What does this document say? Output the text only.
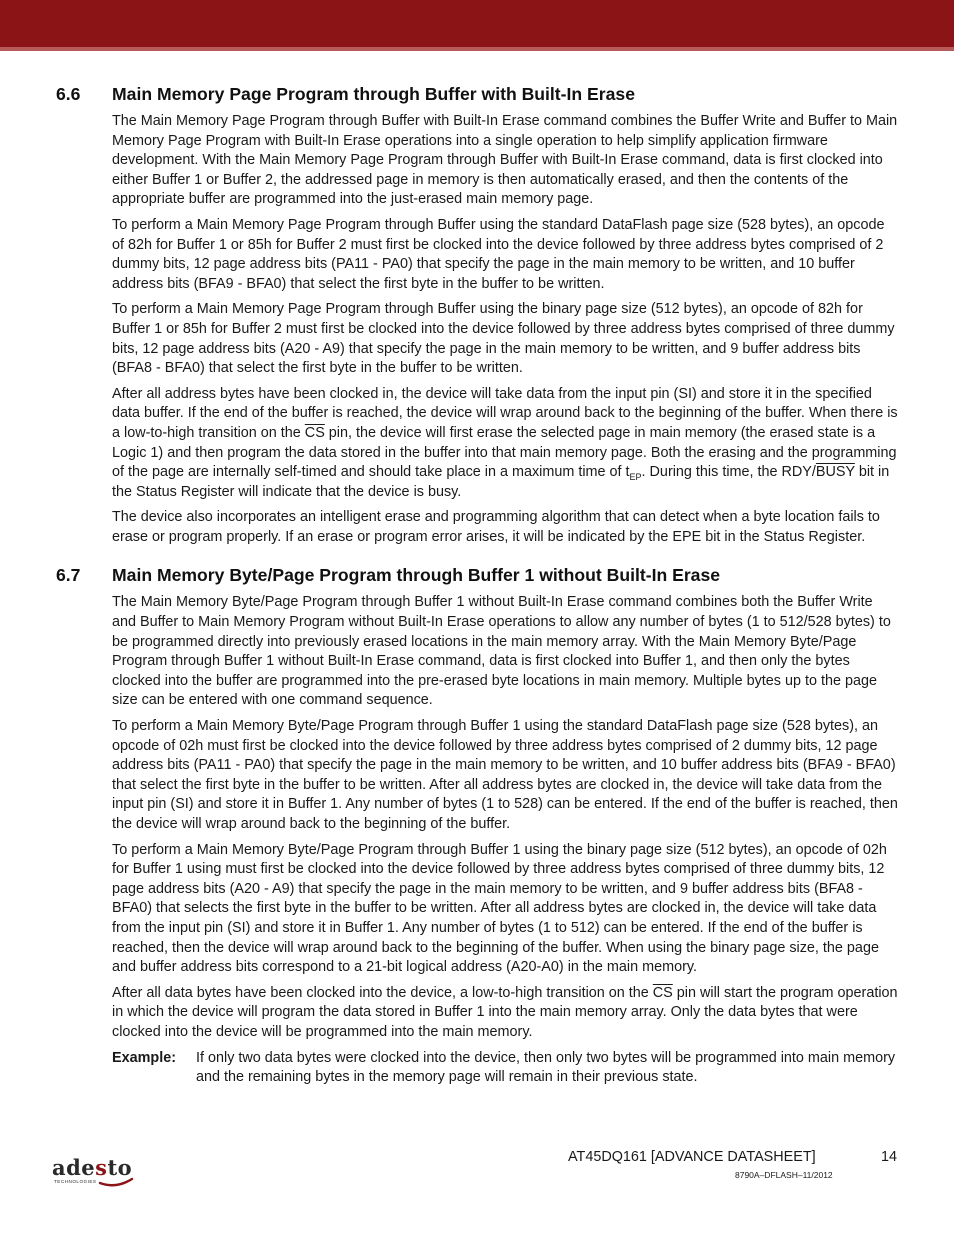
6.6	Main Memory Page Program through Buffer with Built-In Erase

The Main Memory Page Program through Buffer with Built-In Erase command combines the Buffer Write and Buffer to Main Memory Page Program with Built-In Erase operations into a single operation to help simplify application firmware development. With the Main Memory Page Program through Buffer with Built-In Erase command, data is first clocked into either Buffer 1 or Buffer 2, the addressed page in memory is then automatically erased, and then the contents of the appropriate buffer are programmed into the just-erased main memory page.

To perform a Main Memory Page Program through Buffer using the standard DataFlash page size (528 bytes), an opcode of 82h for Buffer 1 or 85h for Buffer 2 must first be clocked into the device followed by three address bytes comprised of 2 dummy bits, 12 page address bits (PA11 - PA0) that specify the page in the main memory to be written, and 10 buffer address bits (BFA9 - BFA0) that select the first byte in the buffer to be written.

To perform a Main Memory Page Program through Buffer using the binary page size (512 bytes), an opcode of 82h for Buffer 1 or 85h for Buffer 2 must first be clocked into the device followed by three address bytes comprised of three dummy bits, 12 page address bits (A20 - A9) that specify the page in the main memory to be written, and 9 buffer address bits (BFA8 - BFA0) that select the first byte in the buffer to be written.

After all address bytes have been clocked in, the device will take data from the input pin (SI) and store it in the specified data buffer. If the end of the buffer is reached, the device will wrap around back to the beginning of the buffer. When there is a low-to-high transition on the $\overline{CS}$ pin, the device will first erase the selected page in main memory (the erased state is a Logic 1) and then program the data stored in the buffer into that main memory page. Both the erasing and the programming of the page are internally self-timed and should take place in a maximum time of $t_{EP}$. During this time, the RDY/BUSY bit in the Status Register will indicate that the device is busy.

The device also incorporates an intelligent erase and programming algorithm that can detect when a byte location fails to erase or program properly. If an erase or program error arises, it will be indicated by the EPE bit in the Status Register.

6.7	Main Memory Byte/Page Program through Buffer 1 without Built-In Erase

The Main Memory Byte/Page Program through Buffer 1 without Built-In Erase command combines both the Buffer Write and Buffer to Main Memory Program without Built-In Erase operations to allow any number of bytes (1 to 512/528 bytes) to be programmed directly into previously erased locations in the main memory array. With the Main Memory Byte/Page Program through Buffer 1 without Built-In Erase command, data is first clocked into Buffer 1, and then only the bytes clocked into the buffer are programmed into the pre-erased byte locations in main memory. Multiple bytes up to the page size can be entered with one command sequence.

To perform a Main Memory Byte/Page Program through Buffer 1 using the standard DataFlash page size (528 bytes), an opcode of 02h must first be clocked into the device followed by three address bytes comprised of 2 dummy bits, 12 page address bits (PA11 - PA0) that specify the page in the main memory to be written, and 10 buffer address bits (BFA9 - BFA0) that select the first byte in the buffer to be written. After all address bytes are clocked in, the device will take data from the input pin (SI) and store it in Buffer 1. Any number of bytes (1 to 528) can be entered. If the end of the buffer is reached, then the device will wrap around back to the beginning of the buffer.

To perform a Main Memory Byte/Page Program through Buffer 1 using the binary page size (512 bytes), an opcode of 02h for Buffer 1 using must first be clocked into the device followed by three address bytes comprised of three dummy bits, 12 page address bits (A20 - A9) that specify the page in the main memory to be written, and 9 buffer address bits (BFA8 - BFA0) that selects the first byte in the buffer to be written. After all address bytes are clocked in, the device will take data from the input pin (SI) and store it in Buffer 1. Any number of bytes (1 to 512) can be entered. If the end of the buffer is reached, then the device will wrap around back to the beginning of the buffer. When using the binary page size, the page and buffer address bits correspond to a 21-bit logical address (A20-A0) in the main memory.

After all data bytes have been clocked into the device, a low-to-high transition on the $\overline{CS}$ pin will start the program operation in which the device will program the data stored in Buffer 1 into the main memory array. Only the data bytes that were clocked into the device will be programmed into the main memory.

Example:	If only two data bytes were clocked into the device, then only two bytes will be programmed into main memory and the remaining bytes in the memory page will remain in their previous state.
adesto
TECHNOLOGIES
AT45DQ161 [ADVANCE DATASHEET]	14
8790A–DFLASH–11/2012
